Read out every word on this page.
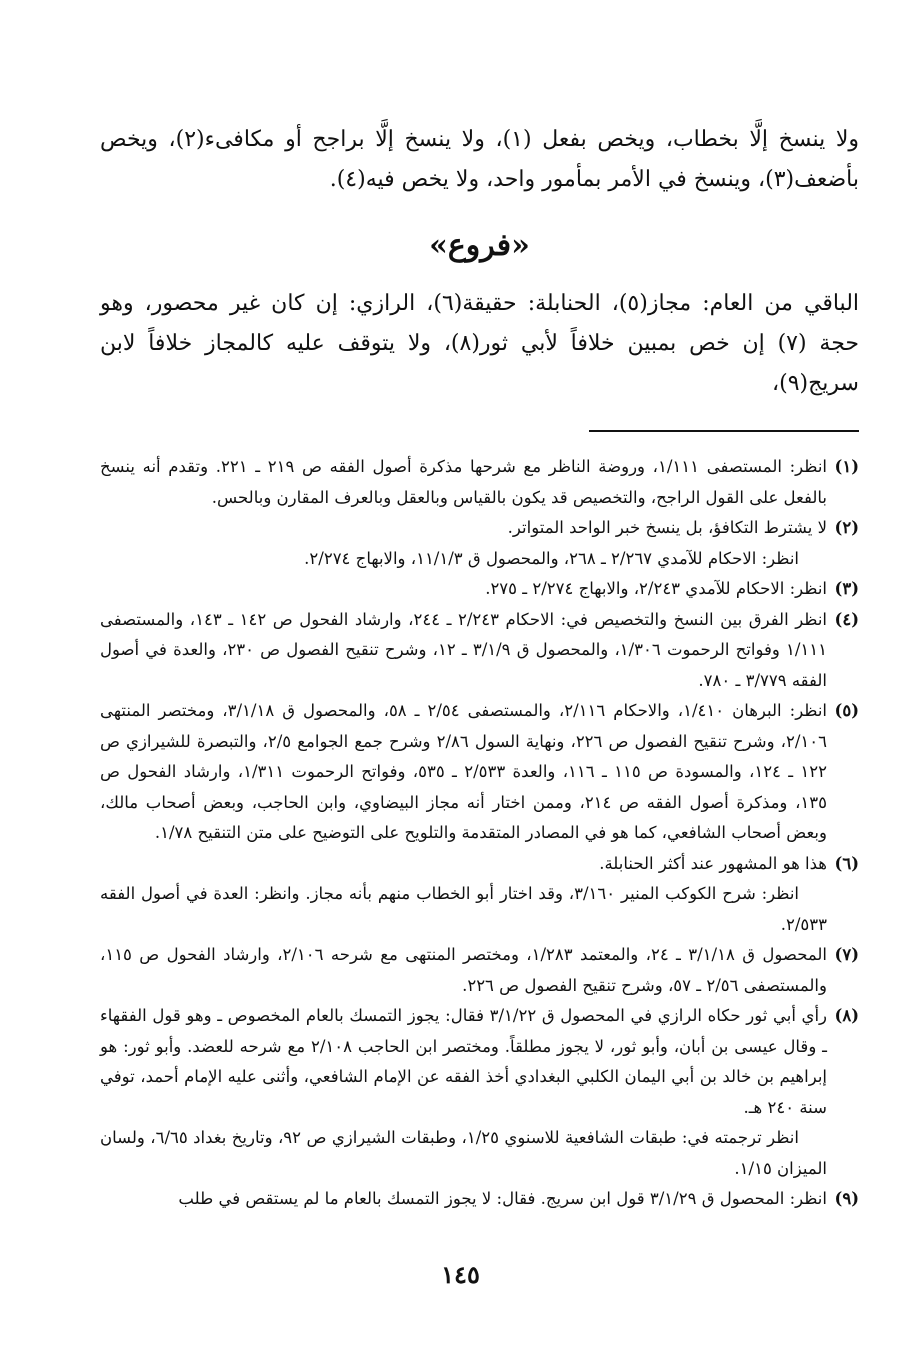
ولا ينسخ إلَّا بخطاب، ويخص بفعل (١)، ولا ينسخ إلَّا براجح أو مكافىء(٢)، ويخص بأضعف(٣)، وينسخ في الأمر بمأمور واحد، ولا يخص فيه(٤).

«فروع»

الباقي من العام: مجاز(٥)، الحنابلة: حقيقة(٦)، الرازي: إن كان غير محصور، وهو حجة (٧) إن خص بمبين خلافاً لأبي ثور(٨)، ولا يتوقف عليه كالمجاز خلافاً لابن سريج(٩)،

(١)
انظر: المستصفى ١/١١١، وروضة الناظر مع شرحها مذكرة أصول الفقه ص ٢١٩ ـ ٢٢١. وتقدم أنه ينسخ بالفعل على القول الراجح، والتخصيص قد يكون بالقياس وبالعقل وبالعرف المقارن وبالحس.
(٢)
لا يشترط التكافؤ، بل ينسخ خبر الواحد المتواتر.
انظر: الاحكام للآمدي ٢/٢٦٧ ـ ٢٦٨، والمحصول ق ١١/١/٣، والابهاج ٢/٢٧٤.
(٣)
انظر: الاحكام للآمدي ٢/٢٤٣، والابهاج ٢/٢٧٤ ـ ٢٧٥.
(٤)
انظر الفرق بين النسخ والتخصيص في: الاحكام ٢/٢٤٣ ـ ٢٤٤، وارشاد الفحول ص ١٤٢ ـ ١٤٣، والمستصفى ١/١١١ وفواتح الرحموت ١/٣٠٦، والمحصول ق ٣/١/٩ ـ ١٢، وشرح تنقيح الفصول ص ٢٣٠، والعدة في أصول الفقه ٣/٧٧٩ ـ ٧٨٠.
(٥)
انظر: البرهان ١/٤١٠، والاحكام ٢/١١٦، والمستصفى ٢/٥٤ ـ ٥٨، والمحصول ق ٣/١/١٨، ومختصر المنتهى ٢/١٠٦، وشرح تنقيح الفصول ص ٢٢٦، ونهاية السول ٢/٨٦ وشرح جمع الجوامع ٢/٥، والتبصرة للشيرازي ص ١٢٢ ـ ١٢٤، والمسودة ص ١١٥ ـ ١١٦، والعدة ٢/٥٣٣ ـ ٥٣٥، وفواتح الرحموت ١/٣١١، وارشاد الفحول ص ١٣٥، ومذكرة أصول الفقه ص ٢١٤، وممن اختار أنه مجاز البيضاوي، وابن الحاجب، وبعض أصحاب مالك، وبعض أصحاب الشافعي، كما هو في المصادر المتقدمة والتلويح على التوضيح على متن التنقيح ١/٧٨.
(٦)
هذا هو المشهور عند أكثر الحنابلة.
انظر: شرح الكوكب المنير ٣/١٦٠، وقد اختار أبو الخطاب منهم بأنه مجاز. وانظر: العدة في أصول الفقه ٢/٥٣٣.
(٧)
المحصول ق ٣/١/١٨ ـ ٢٤، والمعتمد ١/٢٨٣، ومختصر المنتهى مع شرحه ٢/١٠٦، وارشاد الفحول ص ١١٥، والمستصفى ٢/٥٦ ـ ٥٧، وشرح تنقيح الفصول ص ٢٢٦.
(٨)
رأي أبي ثور حكاه الرازي في المحصول ق ٣/١/٢٢ فقال: يجوز التمسك بالعام المخصوص ـ وهو قول الفقهاء ـ وقال عيسى بن أبان، وأبو ثور، لا يجوز مطلقاً. ومختصر ابن الحاجب ٢/١٠٨ مع شرحه للعضد. وأبو ثور: هو إبراهيم بن خالد بن أبي اليمان الكلبي البغدادي أخذ الفقه عن الإمام الشافعي، وأثنى عليه الإمام أحمد، توفي سنة ٢٤٠ هـ.
انظر ترجمته في: طبقات الشافعية للاسنوي ١/٢٥، وطبقات الشيرازي ص ٩٢، وتاريخ بغداد ٦/٦٥، ولسان الميزان ١/١٥.
(٩)
انظر: المحصول ق ٣/١/٢٩ قول ابن سريج. فقال: لا يجوز التمسك بالعام ما لم يستقص في طلب
١٤٥
